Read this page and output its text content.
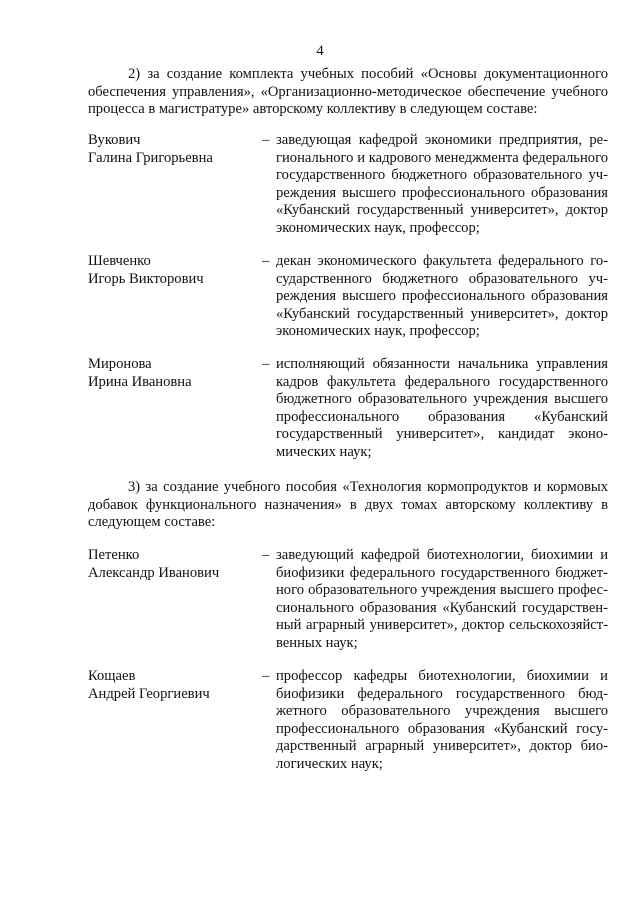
4
2) за создание комплекта учебных пособий «Основы документационного обеспечения управления», «Организационно-методическое обеспечение учебного процесса в магистратуре» авторскому коллективу в следующем составе:
Вукович
Галина Григорьевна
– заведующая кафедрой экономики предприятия, регионального и кадрового менеджмента федерального государственного бюджетного образовательного учреждения высшего профессионального образования «Кубанский государственный университет», доктор экономических наук, профессор;
Шевченко
Игорь Викторович
– декан экономического факультета федерального государственного бюджетного образовательного учреждения высшего профессионального образования «Кубанский государственный университет», доктор экономических наук, профессор;
Миронова
Ирина Ивановна
– исполняющий обязанности начальника управления кадров факультета федерального государственного бюджетного образовательного учреждения высшего профессионального образования «Кубанский государственный университет», кандидат экономических наук;
3) за создание учебного пособия «Технология кормопродуктов и кормовых добавок функционального назначения» в двух томах авторскому коллективу в следующем составе:
Петенко
Александр Иванович
– заведующий кафедрой биотехнологии, биохимии и биофизики федерального государственного бюджетного образовательного учреждения высшего профессионального образования «Кубанский государственный аграрный университет», доктор сельскохозяйственных наук;
Кощаев
Андрей Георгиевич
– профессор кафедры биотехнологии, биохимии и биофизики федерального государственного бюджетного образовательного учреждения высшего профессионального образования «Кубанский государственный аграрный университет», доктор биологических наук;
